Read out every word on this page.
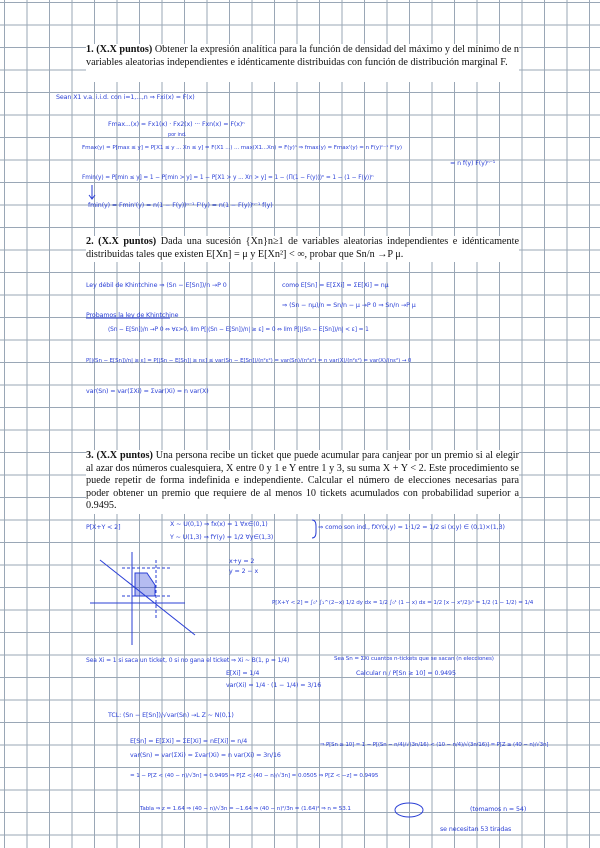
1. (X.X puntos) Obtener la expresión analítica para la función de densidad del máximo y del mínimo de n variables aleatorias independientes e idénticamente distribuidas con función de distribución marginal F.
2. (X.X puntos) Dada una sucesión {Xn}n≥1 de variables aleatorias independientes e idénticamente distribuidas tales que existen E[Xn] = μ y E[Xn²] < ∞, probar que Sn/n →P μ.
3. (X.X puntos) Una persona recibe un ticket que puede acumular para canjear por un premio si al elegir al azar dos números cualesquiera, X entre 0 y 1 e Y entre 1 y 3, su suma X + Y < 2. Este procedimiento se puede repetir de forma indefinida e independiente. Calcular el número de elecciones necesarias para poder obtener un premio que requiere de al menos 10 tickets acumulados con probabilidad superior a 0.9495.
Sean X1 v.a. i.i.d. con i=1,...,n ⇒ Fxi(x) = F(x)
Fmax...(x) = Fx1(x) · Fx2(x) ··· Fxn(x) = F(x)ⁿ
por ind.
Fmax(y) = P[max ≤ y] = P[X1 ≤ y ... Xn ≤ y] = F(X1 ...) ... max(X1...Xn) = F(y)ⁿ ⇒ fmax(y) = Fmax'(y) = n F(y)ⁿ⁻¹ F'(y)
= n f(y) F(y)ⁿ⁻¹
Fmin(y) = P[min ≤ y] = 1 − P[min > y] = 1 − P[X1 > y ... Xn > y] = 1 − (Π(1 − F(y)))ⁿ = 1 − (1 − F(y))ⁿ
fmin(y) = Fmin'(y) = n(1 − F(y))ⁿ⁻¹ F'(y) = n(1 − F(y))ⁿ⁻¹ f(y)
Ley débil de Khintchine ⇒ (Sn − E[Sn])/n →P 0	como E[Sn] = E[ΣXi] = ΣE[Xi] = nμ
⇒ (Sn − nμ)/n = Sn/n − μ →P 0 ⇒ Sn/n →P μ
Probamos la ley de Khintchine
(Sn − E[Sn])/n →P 0 ⇔ ∀ε>0, lim P[|(Sn − E[Sn])/n| ≥ ε] = 0 ⇔ lim P[|(Sn − E[Sn])/n| < ε] = 1
P[|(Sn − E[Sn])/n| ≥ ε] = P[|Sn − E[Sn]| ≥ nε] ≤ var(Sn − E[Sn])/(n²ε²) = var(Sn)/(n²ε²) = n var(X)/(n²ε²) = var(X)/(nε²) → 0
var(Sn) = var(ΣXi) = Σvar(Xi) = n var(X)
P[X+Y < 2]	X ~ U(0,1) ⇒ fx(x) = 1 ∀x∈(0,1)
Y ~ U(1,3) ⇒ fY(y) = 1/2 ∀y∈(1,3)
⇒ como son ind., fXY(x,y) = 1·1/2 = 1/2 si (x,y) ∈ (0,1)×(1,3)
x+y = 2
y = 2 − x
P[X+Y < 2] = ∫₀¹ ∫₁^(2−x) 1/2 dy dx = 1/2 ∫₀¹ (1 − x) dx = 1/2 [x − x²/2]₀¹ = 1/2 (1 − 1/2) = 1/4
Sea Xi = 1 si saca un ticket, 0 si no gana el ticket ⇒ Xi ~ B(1, p = 1/4)
E[Xi] = 1/4
var(Xi) = 1/4 · (1 − 1/4) = 3/16
Sea Sn = ΣXi cuantos n-tickets que se sacan (n elecciones)
Calcular n / P[Sn ≥ 10] = 0.9495
TCL: (Sn − E[Sn])/√var(Sn) →L Z ~ N(0,1)
E[Sn] = E[ΣXi] = ΣE[Xi] = nE[Xi] = n/4
var(Sn) = var(ΣXi) = Σvar(Xi) = n var(Xi) = 3n/16
⇒ P[Sn ≥ 10] = 1 − P[(Sn − n/4)/√(3n/16) < (10 − n/4)/√(3n/16)] = P[Z ≥ (40 − n)/√3n]
= 1 − P[Z < (40 − n)/√3n] = 0.9495 ⇒ P[Z < (40 − n)/√3n] = 0.0505 ⇒ P[Z < −z] = 0.9495
Tabla ⇒ z = 1.64 ⇒ (40 − n)/√3n = −1.64 ⇒ (40 − n)²/3n = (1.64)² ⇒ n = 53.1	(tomamos n = 54)
se necesitan 53 tiradas
